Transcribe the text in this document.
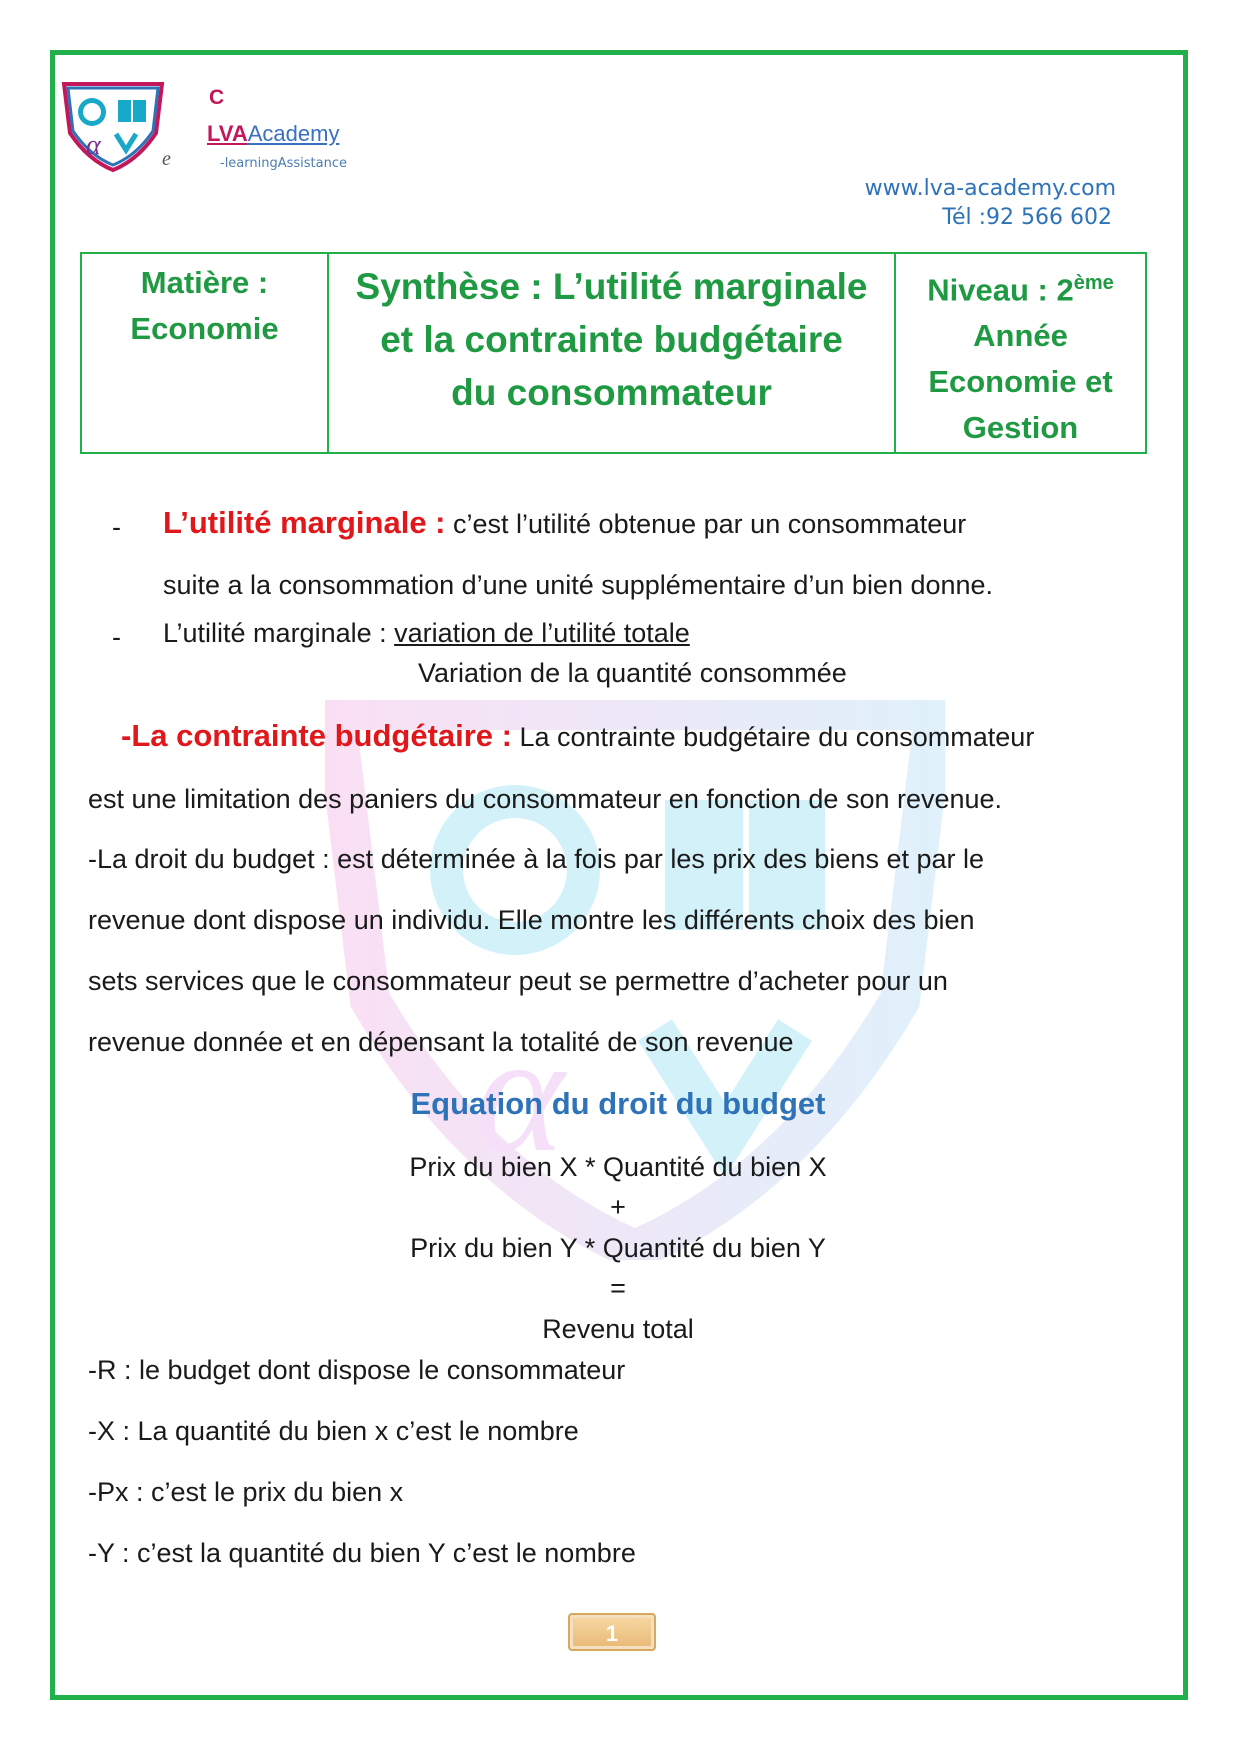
α
C
LVAAcademy
e	-learningAssistance
www.lva-academy.com
Tél :92 566 602
Matière :
Economie

Synthèse : L’utilité marginale
et la contrainte budgétaire
du consommateur

Niveau : 2ème
Année
Economie et
Gestion
α
- L’utilité marginale : c’est l’utilité obtenue par un consommateur
suite a la consommation d’une unité supplémentaire d’un bien donne.
- L’utilité marginale : variation de l’utilité totale
Variation de la quantité consommée
-La contrainte budgétaire : La contrainte budgétaire du consommateur
est une limitation des paniers du consommateur en fonction de son revenue.
-La droit du budget : est déterminée à la fois par les prix des biens et par le
revenue dont dispose un individu. Elle montre les différents choix des bien
sets services que le consommateur peut se permettre d’acheter pour un
revenue donnée et en dépensant la totalité de son revenue
Equation du droit du budget
Prix du bien X * Quantité du bien X
+
Prix du bien Y * Quantité du bien Y
=
Revenu total
-R : le budget dont dispose le consommateur
-X : La quantité du bien x c’est le nombre
-Px : c’est le prix du bien x
-Y : c’est la quantité du bien Y c’est le nombre
1
